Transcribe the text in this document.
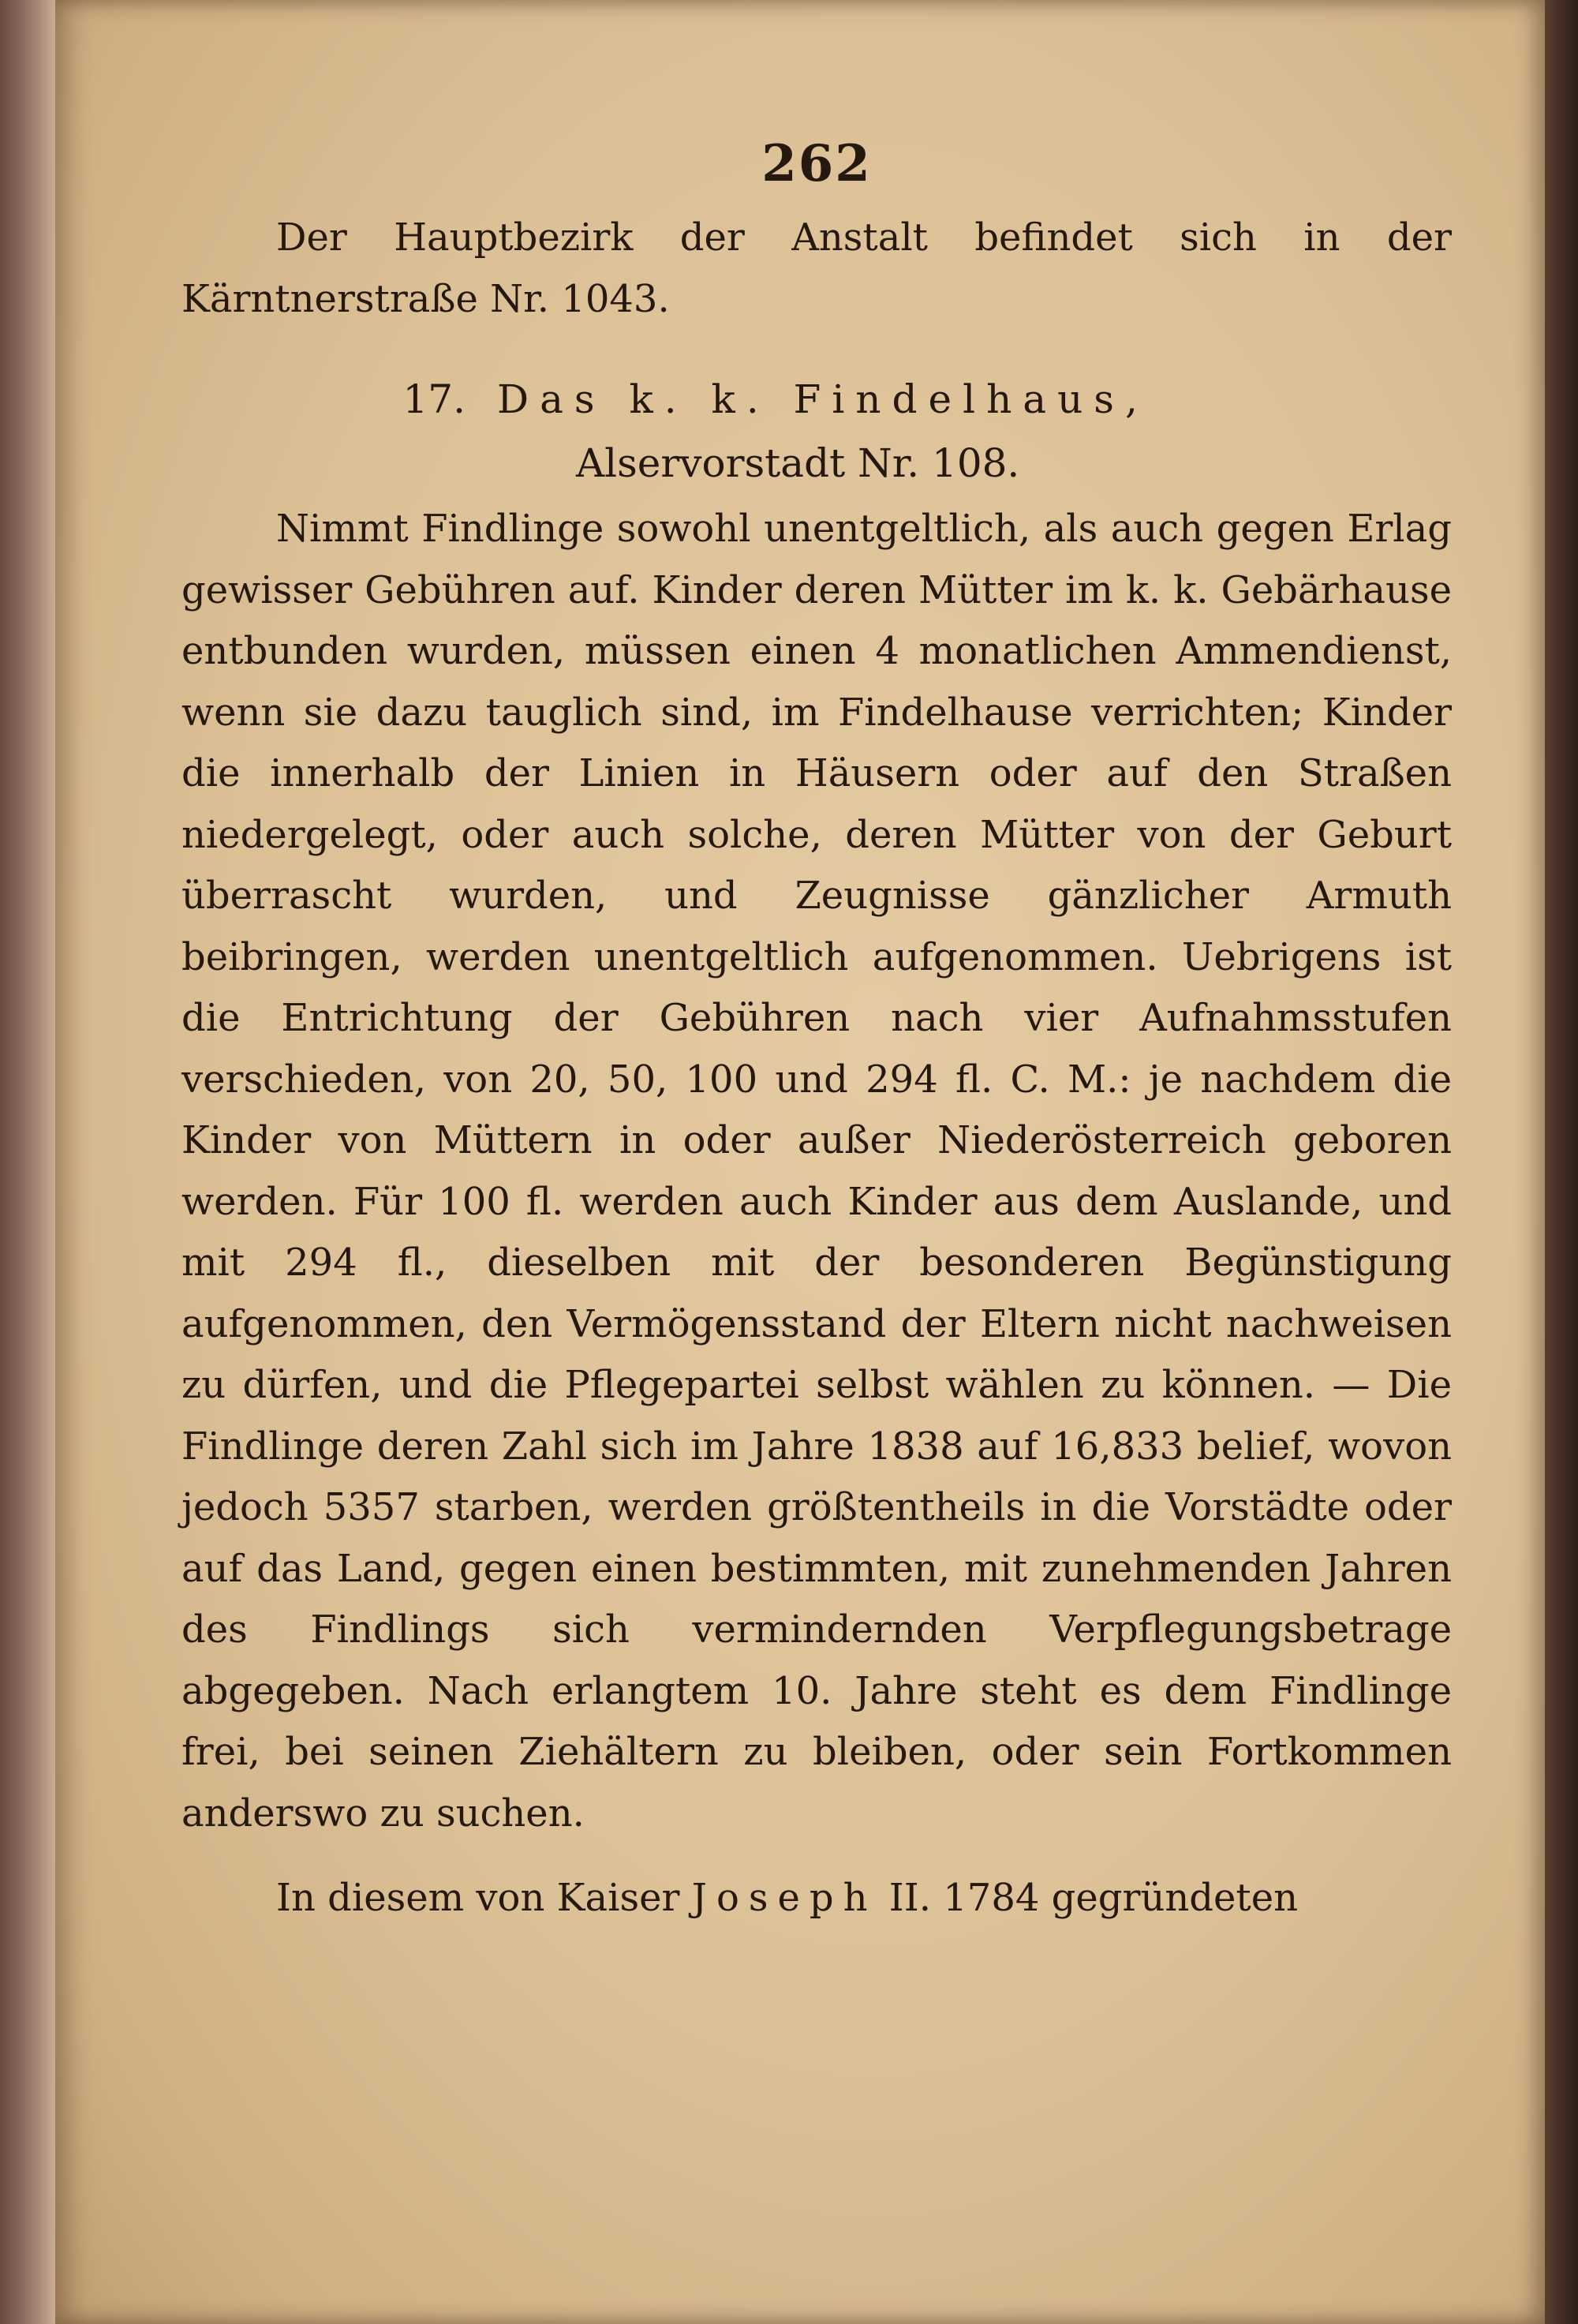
262

Der Hauptbezirk der Anstalt befindet sich in der Kärntnerstraße Nr. 1043.

17. Das k. k. Findelhaus,
Alservorstadt Nr. 108.

Nimmt Findlinge sowohl unentgeltlich, als auch gegen Erlag gewisser Gebühren auf. Kinder deren Mütter im k. k. Gebärhause entbunden wurden, müssen einen 4 monatlichen Ammendienst, wenn sie dazu tauglich sind, im Findelhause verrichten; Kinder die innerhalb der Linien in Häusern oder auf den Straßen niedergelegt, oder auch solche, deren Mütter von der Geburt überrascht wurden, und Zeugnisse gänzlicher Armuth beibringen, werden unentgeltlich aufgenommen. Uebrigens ist die Entrichtung der Gebühren nach vier Aufnahmsstufen verschieden, von 20, 50, 100 und 294 fl. C. M.: je nachdem die Kinder von Müttern in oder außer Niederösterreich geboren werden. Für 100 fl. werden auch Kinder aus dem Auslande, und mit 294 fl., dieselben mit der besonderen Begünstigung aufgenommen, den Vermögensstand der Eltern nicht nachweisen zu dürfen, und die Pflegepartei selbst wählen zu können. — Die Findlinge deren Zahl sich im Jahre 1838 auf 16,833 belief, wovon jedoch 5357 starben, werden größtentheils in die Vorstädte oder auf das Land, gegen einen bestimmten, mit zunehmenden Jahren des Findlings sich vermindernden Verpflegungsbetrage abgegeben. Nach erlangtem 10. Jahre steht es dem Findlinge frei, bei seinen Ziehältern zu bleiben, oder sein Fortkommen anderswo zu suchen.

In diesem von Kaiser Joseph II. 1784 gegründeten
